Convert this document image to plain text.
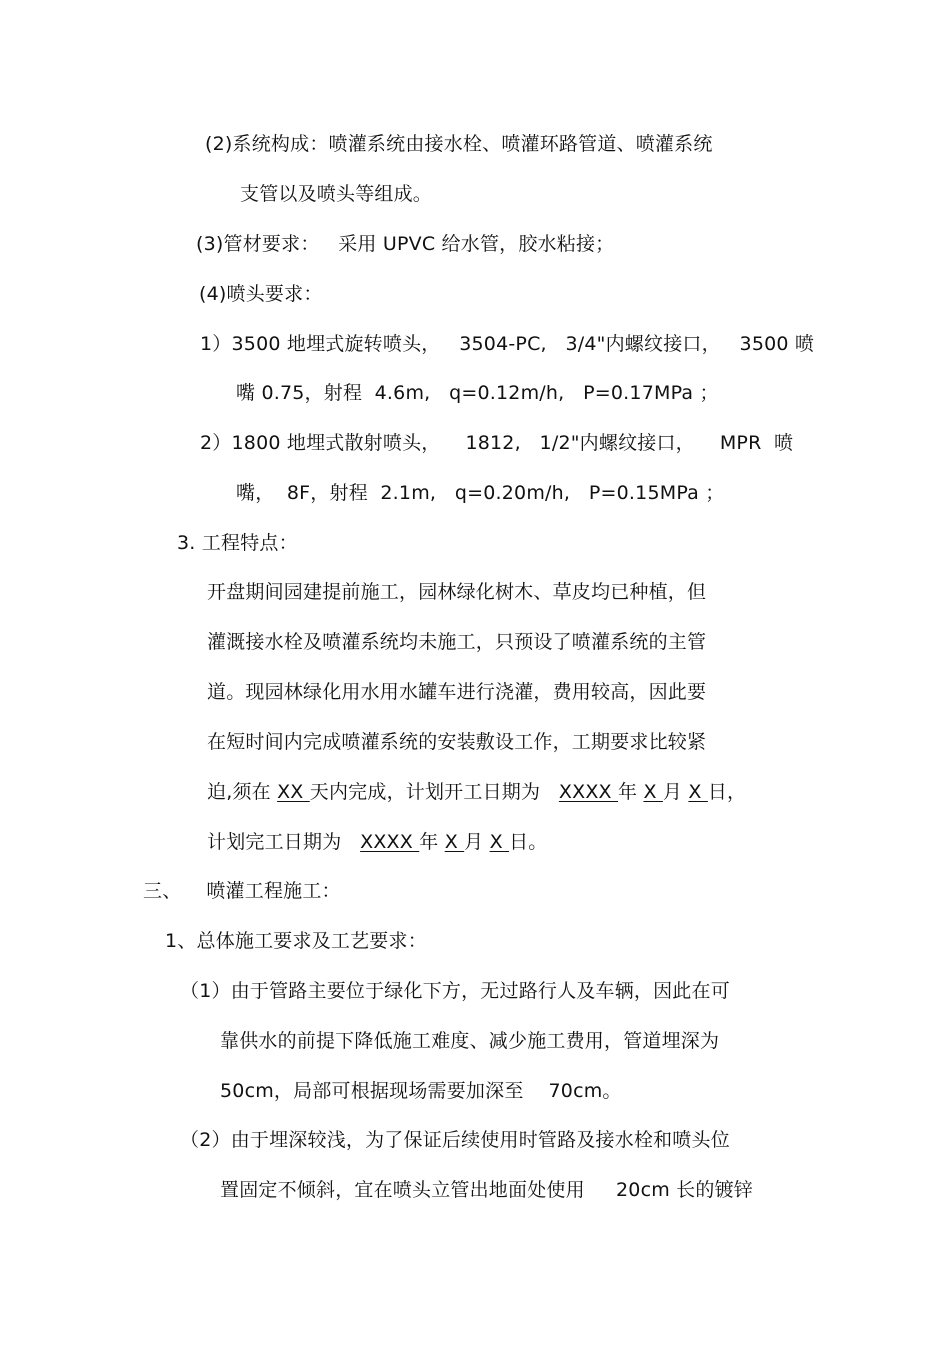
(2)系统构成：喷灌系统由接水栓、喷灌环路管道、喷灌系统
支管以及喷头等组成。
(3)管材要求：   采用 UPVC 给水管，胶水粘接；
(4)喷头要求：
1）3500 地埋式旋转喷头，   3504-PC,   3/4"内螺纹接口，   3500 喷
嘴 0.75，射程  4.6m,   q=0.12m/h,   P=0.17MPa ；
2）1800 地埋式散射喷头，    1812,   1/2"内螺纹接口，    MPR  喷
嘴，  8F，射程  2.1m,   q=0.20m/h,   P=0.15MPa ；
3. 工程特点：
开盘期间园建提前施工，园林绿化树木、草皮均已种植，但
灌溉接水栓及喷灌系统均未施工，只预设了喷灌系统的主管
道。现园林绿化用水用水罐车进行浇灌，费用较高，因此要
在短时间内完成喷灌系统的安装敷设工作，工期要求比较紧
迫,须在 XX 天内完成，计划开工日期为   XXXX 年 X 月 X 日，
计划完工日期为   XXXX 年 X 月 X 日。
三、    喷灌工程施工：
1、总体施工要求及工艺要求：
（1）由于管路主要位于绿化下方，无过路行人及车辆，因此在可
靠供水的前提下降低施工难度、减少施工费用，管道埋深为
50cm，局部可根据现场需要加深至    70cm。
（2）由于埋深较浅，为了保证后续使用时管路及接水栓和喷头位
置固定不倾斜，宜在喷头立管出地面处使用     20cm 长的镀锌
